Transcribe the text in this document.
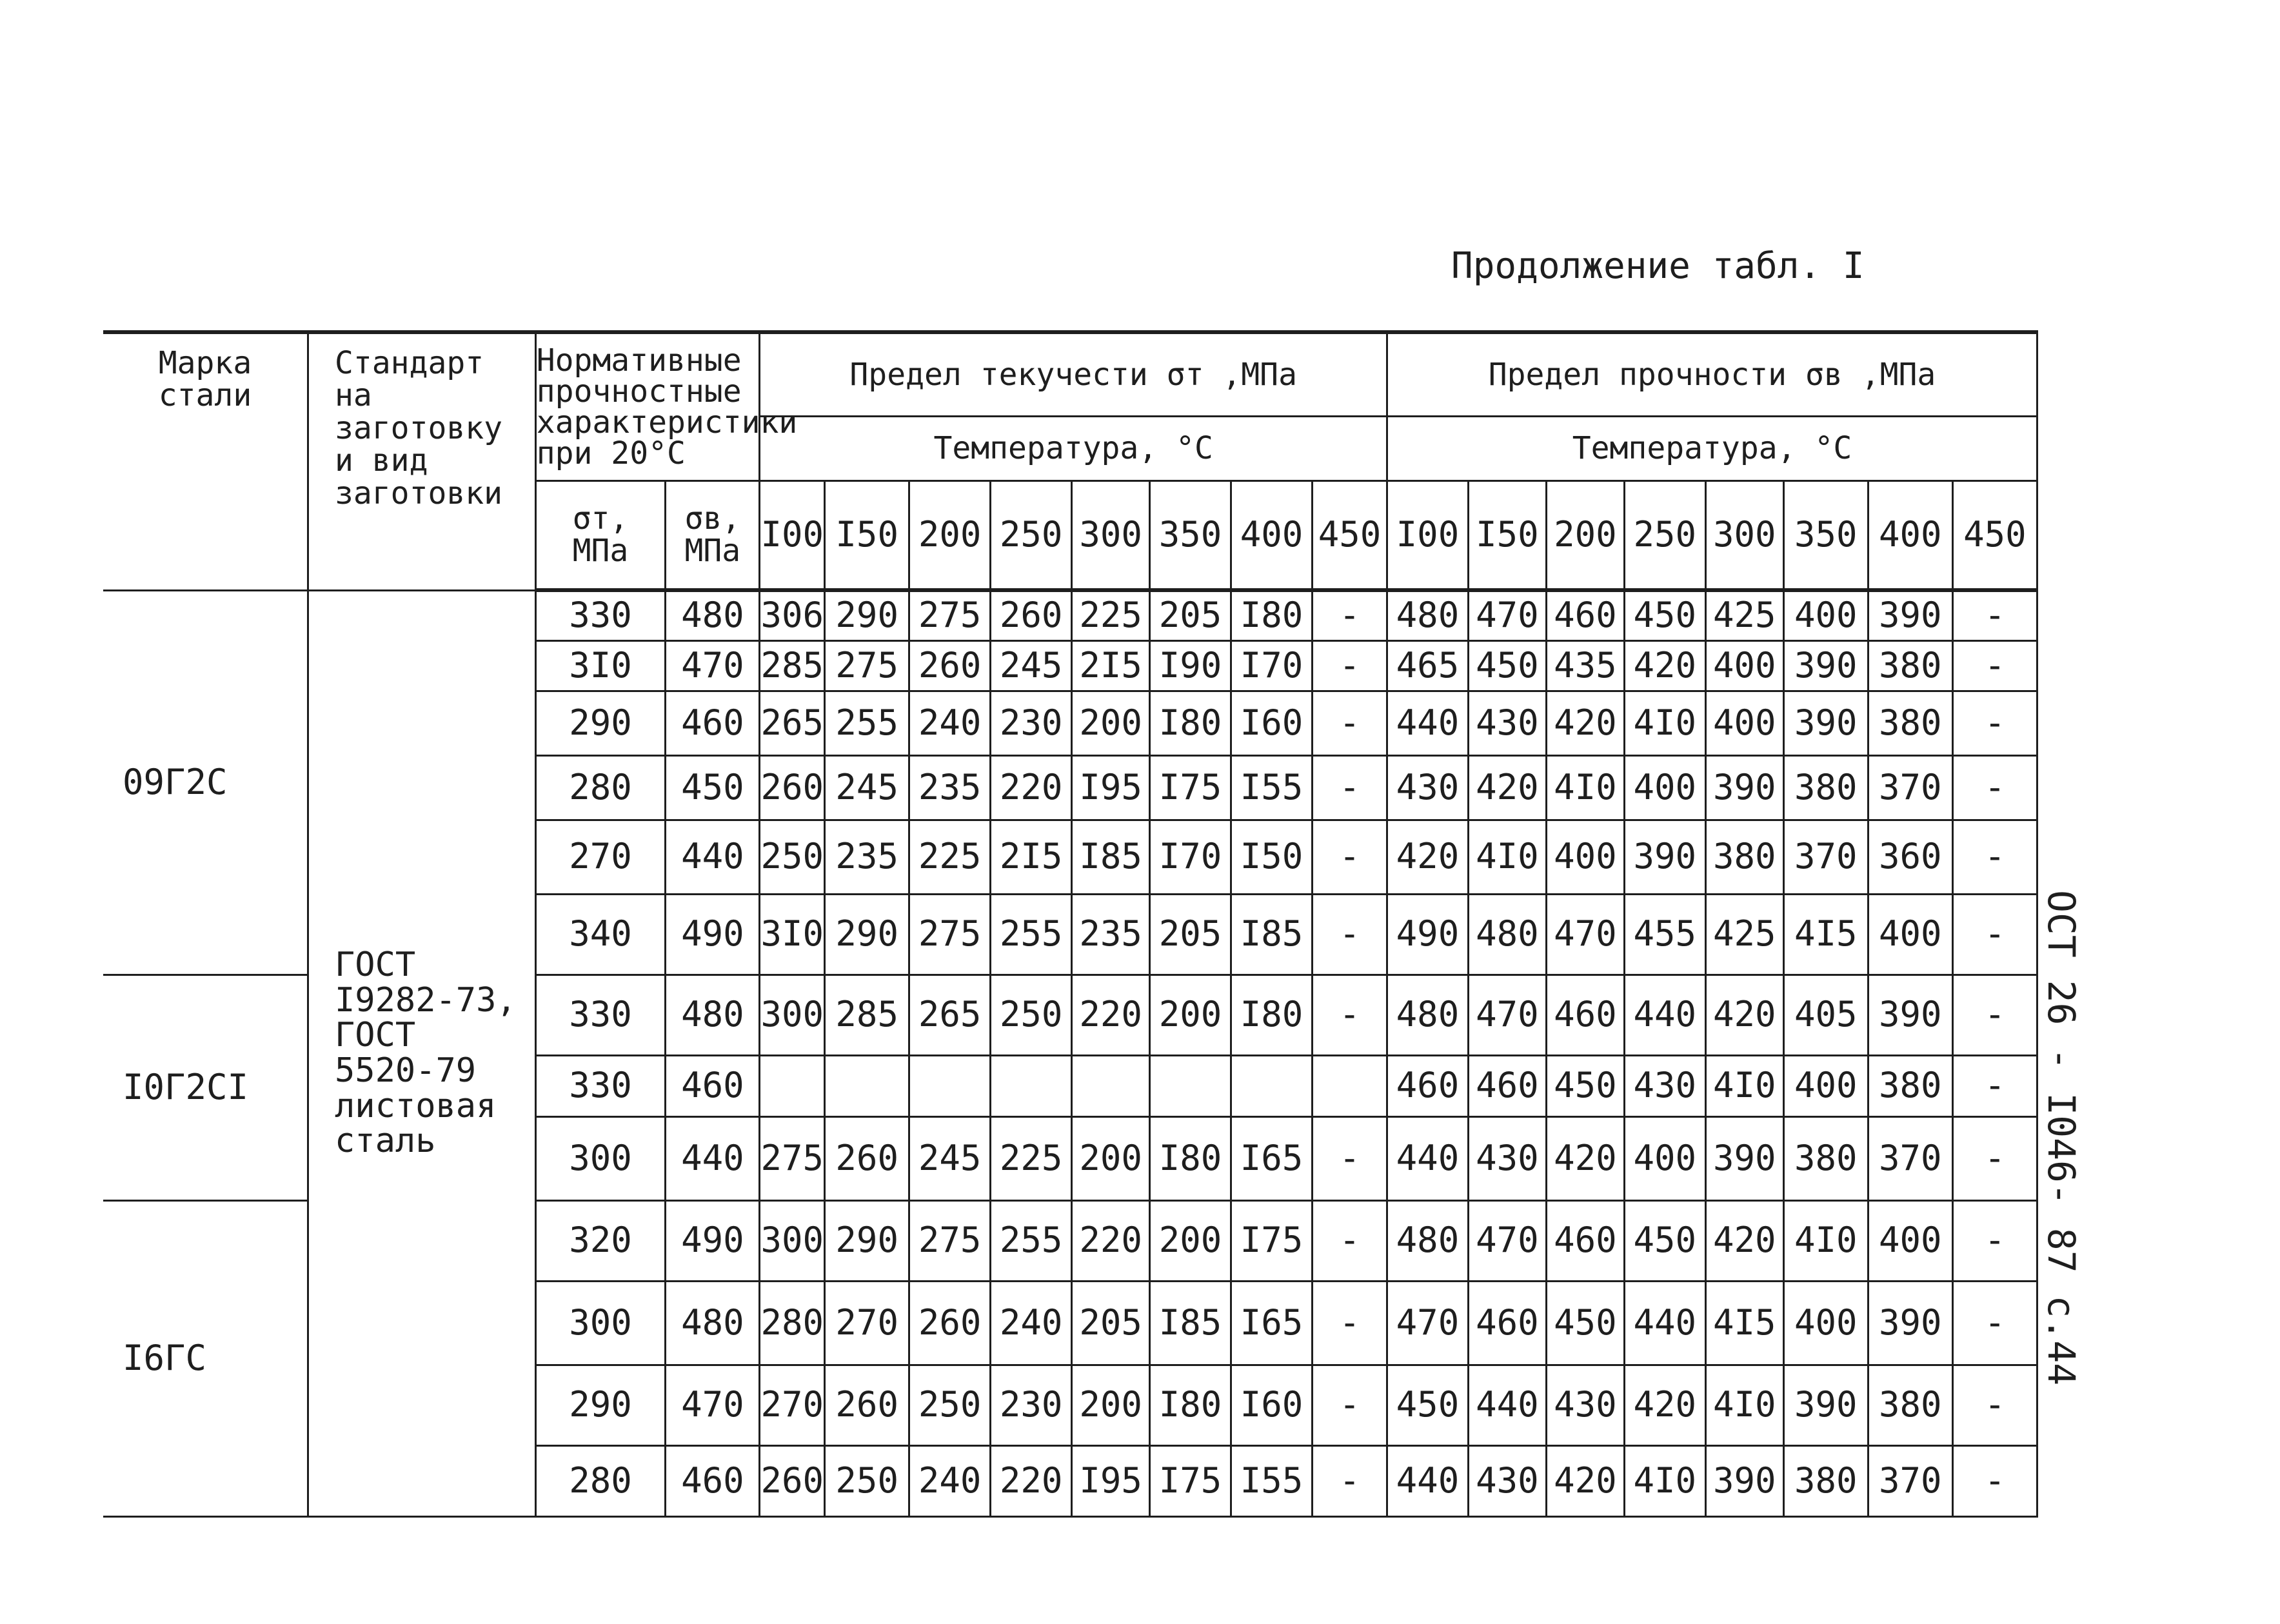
Продолжение табл. I
ОСТ 26 - I046- 87 с.44
Марка стали	Стандарт на заготовку и вид заготовки	Нормативные прочностные характеристики при 20°С		Предел текучести σт ,МПа								Предел прочности σв ,МПа							
				Температура, °С								Температура, °С							
		σт, МПа	σв, МПа	I00	I50	200	250	300	350	400	450	I00	I50	200	250	300	350	400	450
09Г2С	ГОСТ I9282-73, ГОСТ 5520-79 листовая сталь	330	480	306	290	275	260	225	205	I80	-	480	470	460	450	425	400	390	-
		3I0	470	285	275	260	245	2I5	I90	I70	-	465	450	435	420	400	390	380	-
		290	460	265	255	240	230	200	I80	I60	-	440	430	420	4I0	400	390	380	-
		280	450	260	245	235	220	I95	I75	I55	-	430	420	4I0	400	390	380	370	-
		270	440	250	235	225	2I5	I85	I70	I50	-	420	4I0	400	390	380	370	360	-
		340	490	3I0	290	275	255	235	205	I85	-	490	480	470	455	425	4I5	400	-
I0Г2СI		330	480	300	285	265	250	220	200	I80	-	480	470	460	440	420	405	390	-
		330	460									460	460	450	430	4I0	400	380	-
		300	440	275	260	245	225	200	I80	I65	-	440	430	420	400	390	380	370	-
I6ГС		320	490	300	290	275	255	220	200	I75	-	480	470	460	450	420	4I0	400	-
		300	480	280	270	260	240	205	I85	I65	-	470	460	450	440	4I5	400	390	-
		290	470	270	260	250	230	200	I80	I60	-	450	440	430	420	4I0	390	380	-
		280	460	260	250	240	220	I95	I75	I55	-	440	430	420	4I0	390	380	370	-
